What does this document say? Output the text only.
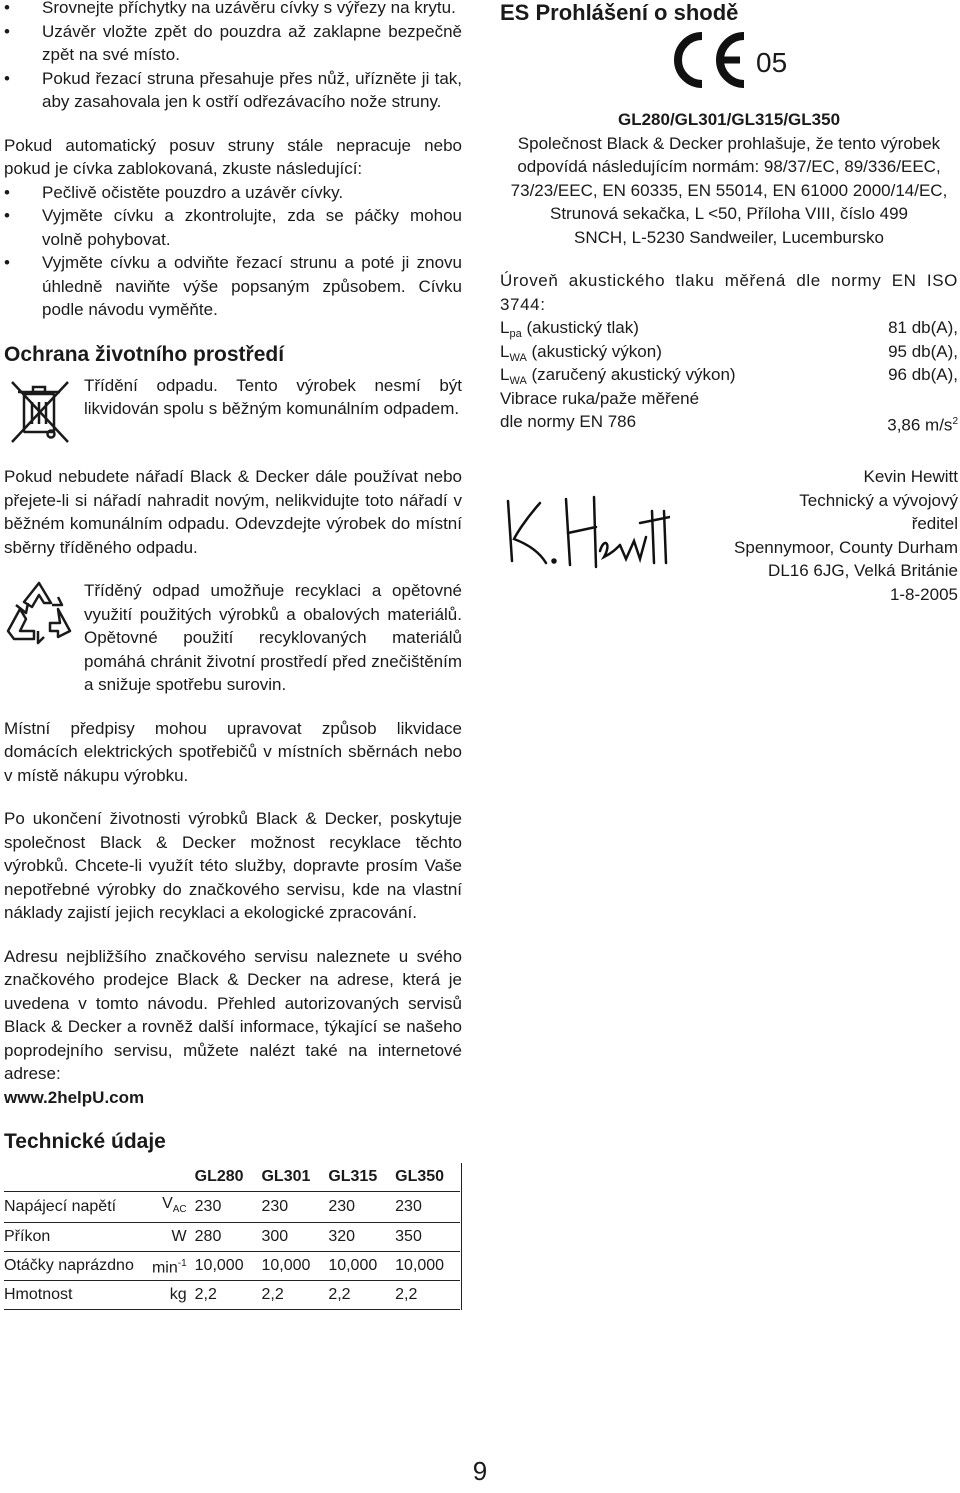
• Srovnejte příchytky na uzávěru cívky s výřezy na krytu.
• Uzávěr vložte zpět do pouzdra až zaklapne bezpečně zpět na své místo.
• Pokud řezací struna přesahuje přes nůž, uřízněte ji tak, aby zasahovala jen k ostří odřezávacího nože struny.

Pokud automatický posuv struny stále nepracuje nebo pokud je cívka zablokovaná, zkuste následující:

• Pečlivě očistěte pouzdro a uzávěr cívky.
• Vyjměte cívku a zkontrolujte, zda se páčky mohou volně pohybovat.
• Vyjměte cívku a odviňte řezací strunu a poté ji znovu úhledně naviňte výše popsaným způsobem. Cívku podle návodu vyměňte.
Ochrana životního prostředí

Třídění odpadu. Tento výrobek nesmí být likvidován spolu s běžným komunálním odpadem.

Pokud nebudete nářadí Black & Decker dále používat nebo přejete-li si nářadí nahradit novým, nelikvidujte toto nářadí v běžném komunálním odpadu. Odevzdejte výrobek do místní sběrny tříděného odpadu.

Tříděný odpad umožňuje recyklaci a opětovné využití použitých výrobků a obalových materiálů. Opětovné použití recyklovaných materiálů pomáhá chránit životní prostředí před znečištěním a snižuje spotřebu surovin.

Místní předpisy mohou upravovat způsob likvidace domácích elektrických spotřebičů v místních sběrnách nebo v místě nákupu výrobku.

Po ukončení životnosti výrobků Black & Decker, poskytuje společnost Black & Decker možnost recyklace těchto výrobků. Chcete-li využít této služby, dopravte prosím Vaše nepotřebné výrobky do značkového servisu, kde na vlastní náklady zajistí jejich recyklaci a ekologické zpracování.

Adresu nejbližšího značkového servisu naleznete u svého značkového prodejce Black & Decker na adrese, která je uvedena v tomto návodu. Přehled autorizovaných servisů Black & Decker a rovněž další informace, týkající se našeho poprodejního servisu, můžete nalézt také na internetové adrese:

www.2helpU.com

Technické údaje
		GL280	GL301	GL315	GL350
Napájecí napětí	$V_{AC}$	230	230	230	230
Příkon	W	280	300	320	350
Otáčky naprázdno	$\min^{-1}$	10,000	10,000	10,000	10,000
Hmotnost	kg	2,2	2,2	2,2	2,2
ES Prohlášení o shodě
05

GL280/GL301/GL315/GL350

Společnost Black & Decker prohlašuje, že tento výrobek odpovídá následujícím normám: 98/37/EC, 89/336/EEC, 73/23/EEC, EN 60335, EN 55014, EN 61000 2000/14/EC, Strunová sekačka, L <50, Příloha VIII, číslo 499

SNCH, L-5230 Sandweiler, Lucembursko

Úroveň akustického tlaku měřená dle normy EN ISO 3744:

$L_{pa}$ (akustický tlak)	81 db(A),
$L_{WA}$ (akustický výkon)	95 db(A),
$L_{WA}$ (zaručený akustický výkon)	96 db(A),

Vibrace ruka/paže měřené

dle normy EN 786	3,86 $m/s^2$

Kevin Hewitt

Technický a vývojový

ředitel

Spennymoor, County Durham

DL16 6JG, Velká Británie

1-8-2005

9
